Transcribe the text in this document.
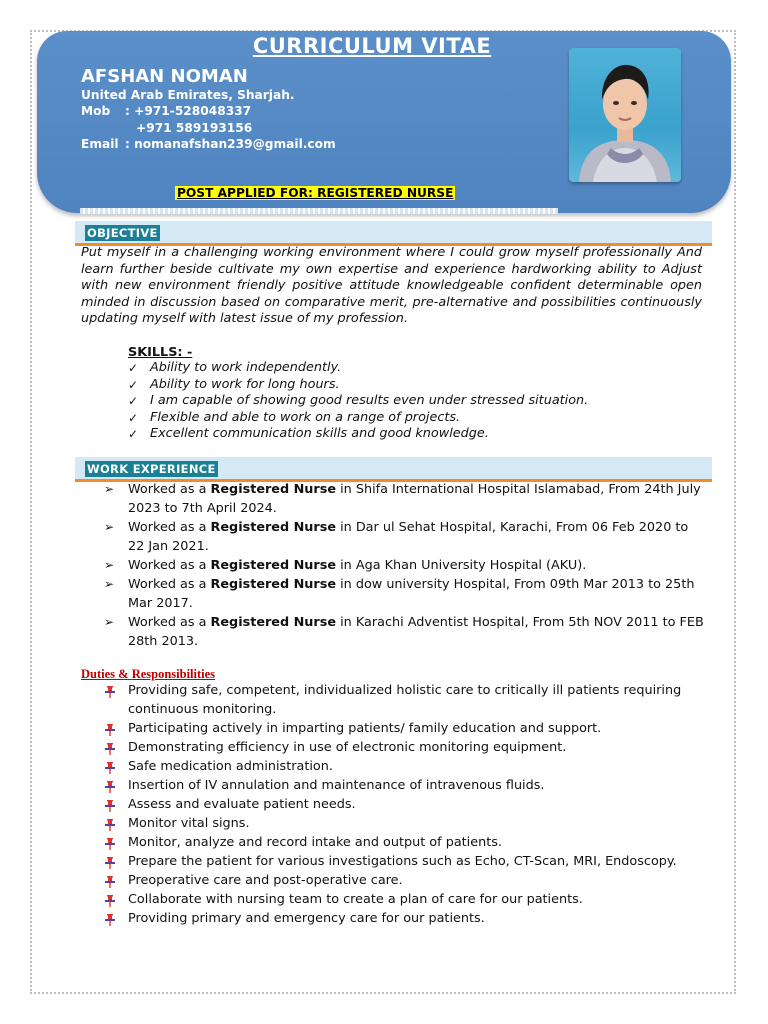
CURRICULUM VITAE
AFSHAN NOMAN
United Arab Emirates, Sharjah.
Mob : +971-528048337
+971 589193156
Email : nomanafshan239@gmail.com
POST APPLIED FOR: REGISTERED NURSE
OBJECTIVE
Put myself in a challenging working environment where I could grow myself professionally And learn further beside cultivate my own expertise and experience hardworking ability to Adjust with new environment friendly positive attitude knowledgeable confident determinable open minded in discussion based on comparative merit, pre-alternative and possibilities continuously updating myself with latest issue of my profession.
SKILLS: -
✓ Ability to work independently.
✓ Ability to work for long hours.
✓ I am capable of showing good results even under stressed situation.
✓ Flexible and able to work on a range of projects.
✓ Excellent communication skills and good knowledge.
WORK EXPERIENCE
➢ Worked as a Registered Nurse in Shifa International Hospital Islamabad, From 24th July 2023 to 7th April 2024.
➢ Worked as a Registered Nurse in Dar ul Sehat Hospital, Karachi, From 06 Feb 2020 to 22 Jan 2021.
➢ Worked as a Registered Nurse in Aga Khan University Hospital (AKU).
➢ Worked as a Registered Nurse in dow university Hospital, From 09th Mar 2013 to 25th Mar 2017.
➢ Worked as a Registered Nurse in Karachi Adventist Hospital, From 5th NOV 2011 to FEB 28th 2013.
Duties & Responsibilities
Providing safe, competent, individualized holistic care to critically ill patients requiring continuous monitoring.
Participating actively in imparting patients/ family education and support.
Demonstrating efficiency in use of electronic monitoring equipment.
Safe medication administration.
Insertion of IV annulation and maintenance of intravenous fluids.
Assess and evaluate patient needs.
Monitor vital signs.
Monitor, analyze and record intake and output of patients.
Prepare the patient for various investigations such as Echo, CT-Scan, MRI, Endoscopy.
Preoperative care and post-operative care.
Collaborate with nursing team to create a plan of care for our patients.
Providing primary and emergency care for our patients.
